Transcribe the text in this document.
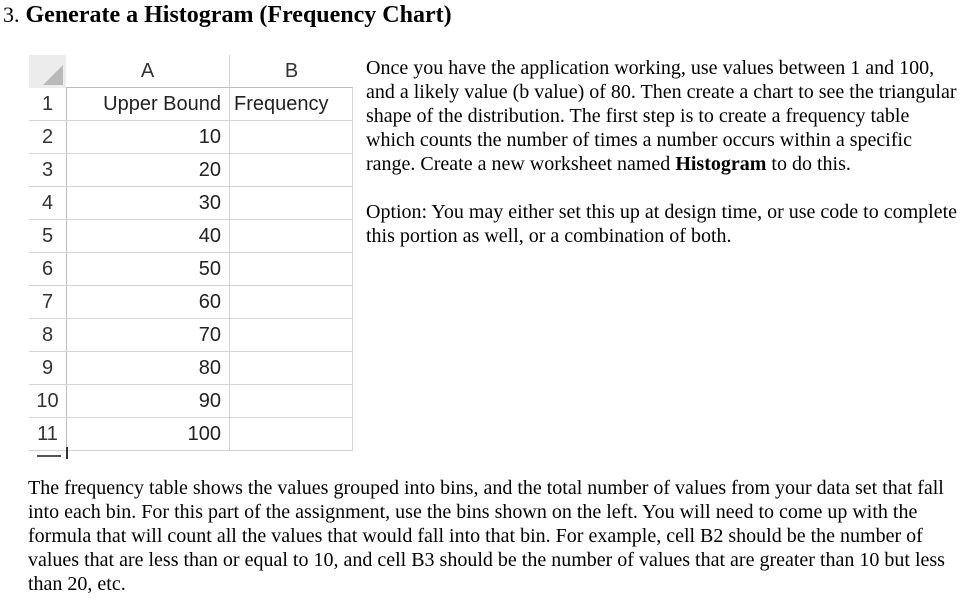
3. Generate a Histogram (Frequency Chart)
A	B
1
2
3
4
5
6
7
8
9
10
11
Upper Bound Frequency
10
20
30
40
50
60
70
80
90
100

Once you have the application working, use values between 1 and 100, and a likely value (b value) of 80. Then create a chart to see the triangular shape of the distribution. The first step is to create a frequency table which counts the number of times a number occurs within a specific range. Create a new worksheet named Histogram to do this.

Option: You may either set this up at design time, or use code to complete this portion as well, or a combination of both.

The frequency table shows the values grouped into bins, and the total number of values from your data set that fall into each bin. For this part of the assignment, use the bins shown on the left. You will need to come up with the formula that will count all the values that would fall into that bin. For example, cell B2 should be the number of values that are less than or equal to 10, and cell B3 should be the number of values that are greater than 10 but less than 20, etc.
